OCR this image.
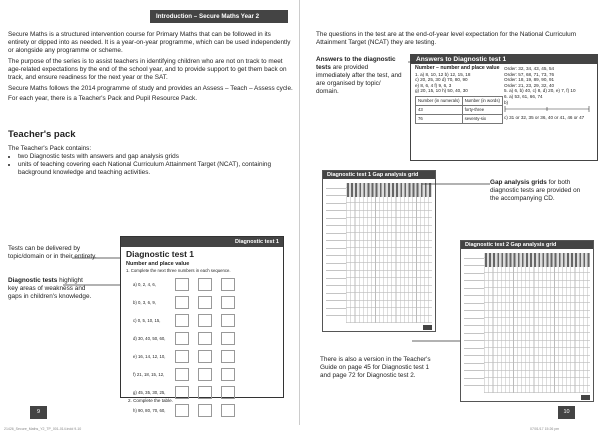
Introduction – Secure Maths Year 2 coverage

Secure Maths is a structured intervention course for Primary Maths that can be followed in its entirety or dipped into as needed. It is a year-on-year programme, which can be used independently or alongside any programme or scheme.

The purpose of the series is to assist teachers in identifying children who are not on track to meet age-related expectations by the end of the school year, and to provide support to get them back on track, and ensure readiness for the next year or the SAT.

Secure Maths follows the 2014 programme of study and provides an Assess – Teach – Assess cycle.

For each year, there is a Teacher's Pack and Pupil Resource Pack.

Teacher's pack
The Teacher's Pack contains:
• two Diagnostic tests with answers and gap analysis grids
• units of teaching covering each National Curriculum Attainment Target (NCAT), containing background knowledge and teaching activities.
Tests can be delivered by topic/domain or in their entirety.
Diagnostic tests highlight key areas of weakness and gaps in children's knowledge.
Diagnostic test 1
Diagnostic test 1
Number and place value
1. Complete the next three numbers in each sequence.
a) 0, 2, 4, 6,
b) 0, 3, 6, 9,
c) 0, 5, 10, 15,
d) 30, 40, 50, 60,
e) 16, 14, 12, 10,
f) 21, 18, 15, 12,
g) 45, 35, 30, 25,
h) 90, 80, 70, 60,
2. Complete the table.
9
The questions in the test are at the end-of-year level expectation for the National Curriculum Attainment Target (NCAT) they are testing.
Answers to the diagnostic tests are provided immediately after the test, and are organised by topic/ domain.
Answers to Diagnostic test 1
Number – number and place value
1. a) 8, 10, 12 b) 12, 15, 18
c) 20, 25, 30 d) 70, 80, 90
e) 8, 6, 4 f) 9, 6, 3
g) 20, 15, 10 h) 50, 40, 30
Number (in numerals)	Number (in words)
43	forty-three
76	seventy-six
Order: 32, 34, 43, 45, 54
Order: 57, 68, 71, 73, 76
Order: 18, 19, 89, 90, 91
Order: 21, 23, 29, 32, 40
5. a) 6, b) 40, c) 8, d) 20, e) 7, f) 10
6. a) 53, 61, 66, 74
b)
c) 31 or 32, 35 or 36, 40 or 41, 46 or 47
Diagnostic test 1 Gap analysis grid
Gap analysis grids for both diagnostic tests are provided on the accompanying CD.
Diagnostic test 2 Gap analysis grid
There is also a version in the Teacher's Guide on page 45 for Diagnostic test 1 and page 72 for Diagnostic test 2.
10
21426_Secure_Maths_Y2_TP_001-014.indd 9-10	07/01/17 15:26 pm
